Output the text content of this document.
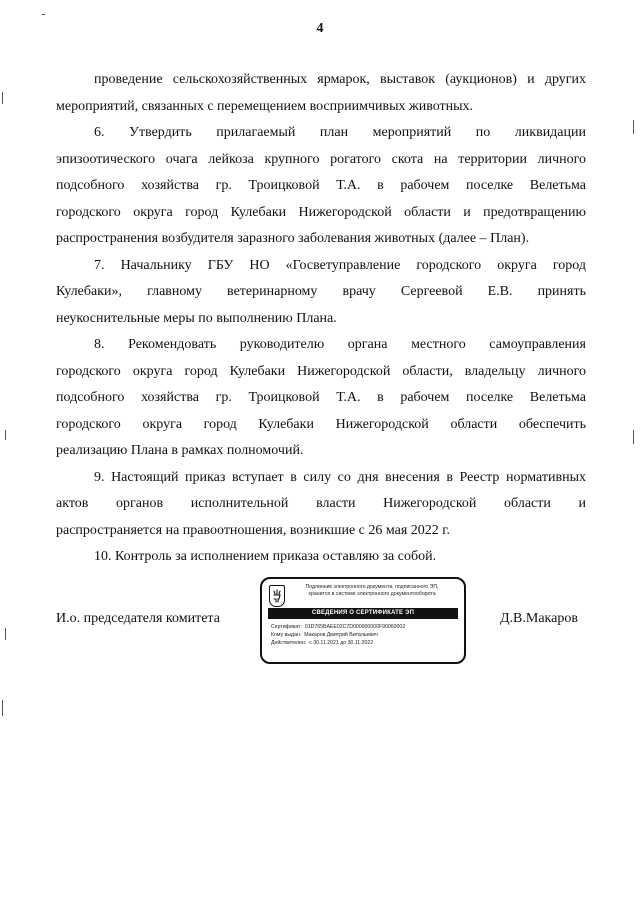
4

проведение сельскохозяйственных ярмарок, выставок (аукционов) и других
мероприятий, связанных с перемещением восприимчивых животных.

6. Утвердить прилагаемый план мероприятий по ликвидации
эпизоотического очага лейкоза крупного рогатого скота на территории личного
подсобного хозяйства гр. Троицковой Т.А. в рабочем поселке Велетьма
городского округа город Кулебаки Нижегородской области и предотвращению
распространения возбудителя заразного заболевания животных (далее – План).

7. Начальнику ГБУ НО «Госветуправление городского округа город
Кулебаки», главному ветеринарному врачу Сергеевой Е.В. принять
неукоснительные меры по выполнению Плана.

8. Рекомендовать руководителю органа местного самоуправления
городского округа город Кулебаки Нижегородской области, владельцу личного
подсобного хозяйства гр. Троицковой Т.А. в рабочем поселке Велетьма
городского округа город Кулебаки Нижегородской области обеспечить
реализацию Плана в рамках полномочий.

9. Настоящий приказ вступает в силу со дня внесения в Реестр нормативных
актов органов исполнительной власти Нижегородской области и
распространяется на правоотношения, возникшие с 26 мая 2022 г.

10. Контроль за исполнением приказа оставляю за собой.

И.о. председателя комитета
Подлинник электронного документа, подписанного ЭП,
хранится в системе электронного документооборота
СВЕДЕНИЯ О СЕРТИФИКАТЕ ЭП
Сертификат: 01D765BAEE02C7D000000000F90060002
Кому выдан: Макаров Дмитрий Витальевич
Действителен: с 30.11.2021 до 30.11.2022
Д.В.Макаров
